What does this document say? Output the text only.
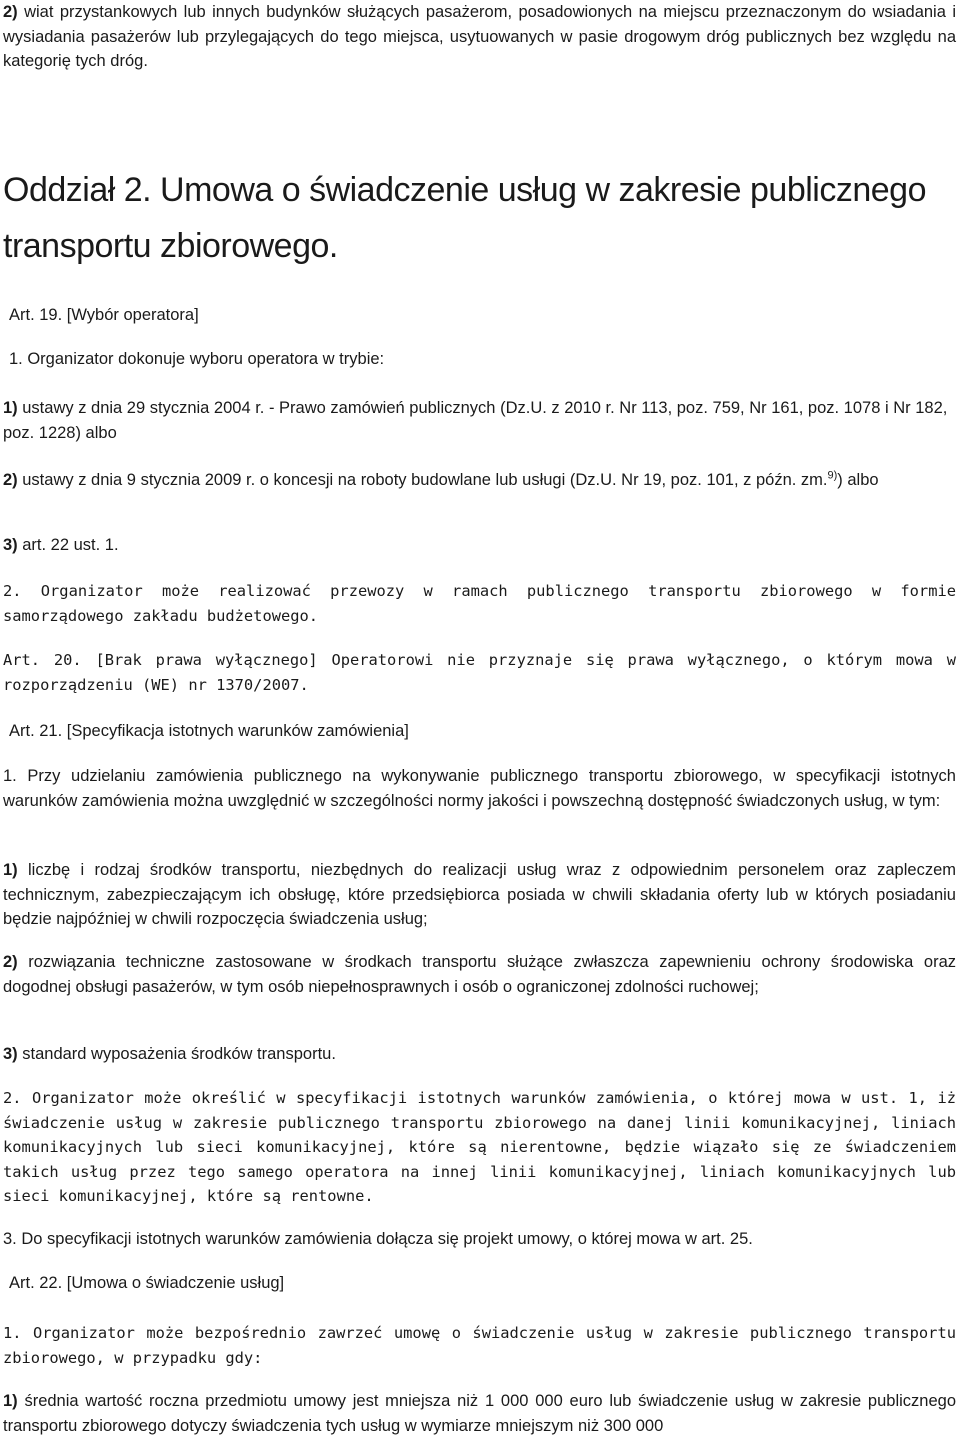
2) wiat przystankowych lub innych budynków służących pasażerom, posadowionych na miejscu przeznaczonym do wsiadania i wysiadania pasażerów lub przylegających do tego miejsca, usytuowanych w pasie drogowym dróg publicznych bez względu na kategorię tych dróg.

Oddział 2. Umowa o świadczenie usług w zakresie publicznego transportu zbiorowego.

Art. 19. [Wybór operatora]

1. Organizator dokonuje wyboru operatora w trybie:

1) ustawy z dnia 29 stycznia 2004 r. - Prawo zamówień publicznych (Dz.U. z 2010 r. Nr 113, poz. 759, Nr 161, poz. 1078 i Nr 182, poz. 1228) albo

2) ustawy z dnia 9 stycznia 2009 r. o koncesji na roboty budowlane lub usługi (Dz.U. Nr 19, poz. 101, z późn. zm.$^{9)}$) albo

3) art. 22 ust. 1.

2. Organizator może realizować przewozy w ramach publicznego transportu zbiorowego w formie samorządowego zakładu budżetowego.

Art. 20. [Brak prawa wyłącznego] Operatorowi nie przyznaje się prawa wyłącznego, o którym mowa w rozporządzeniu (WE) nr 1370/2007.

Art. 21. [Specyfikacja istotnych warunków zamówienia]

1. Przy udzielaniu zamówienia publicznego na wykonywanie publicznego transportu zbiorowego, w specyfikacji istotnych warunków zamówienia można uwzględnić w szczególności normy jakości i powszechną dostępność świadczonych usług, w tym:

1) liczbę i rodzaj środków transportu, niezbędnych do realizacji usług wraz z odpowiednim personelem oraz zapleczem technicznym, zabezpieczającym ich obsługę, które przedsiębiorca posiada w chwili składania oferty lub w których posiadaniu będzie najpóźniej w chwili rozpoczęcia świadczenia usług;

2) rozwiązania techniczne zastosowane w środkach transportu służące zwłaszcza zapewnieniu ochrony środowiska oraz dogodnej obsługi pasażerów, w tym osób niepełnosprawnych i osób o ograniczonej zdolności ruchowej;

3) standard wyposażenia środków transportu.

2. Organizator może określić w specyfikacji istotnych warunków zamówienia, o której mowa w ust. 1, iż świadczenie usług w zakresie publicznego transportu zbiorowego na danej linii komunikacyjnej, liniach komunikacyjnych lub sieci komunikacyjnej, które są nierentowne, będzie wiązało się ze świadczeniem takich usług przez tego samego operatora na innej linii komunikacyjnej, liniach komunikacyjnych lub sieci komunikacyjnej, które są rentowne.

3. Do specyfikacji istotnych warunków zamówienia dołącza się projekt umowy, o której mowa w art. 25.

Art. 22. [Umowa o świadczenie usług]

1. Organizator może bezpośrednio zawrzeć umowę o świadczenie usług w zakresie publicznego transportu zbiorowego, w przypadku gdy:

1) średnia wartość roczna przedmiotu umowy jest mniejsza niż 1 000 000 euro lub świadczenie usług w zakresie publicznego transportu zbiorowego dotyczy świadczenia tych usług w wymiarze mniejszym niż 300 000
